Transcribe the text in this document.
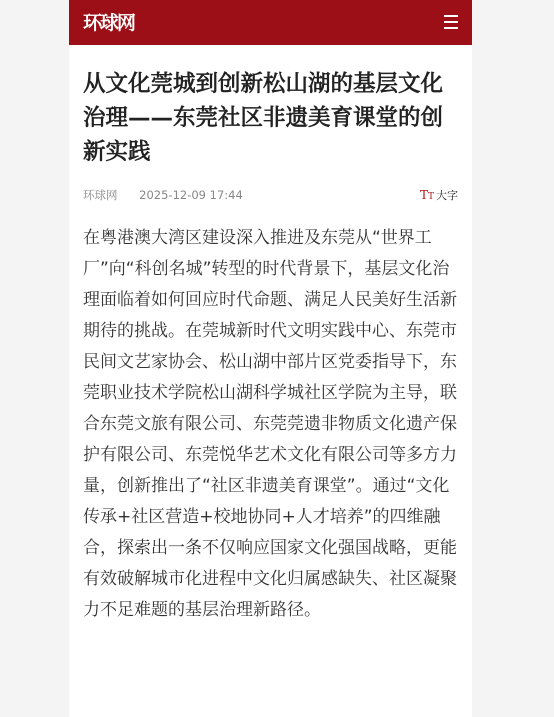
环球网
从文化莞城到创新松山湖的基层文化治理——东莞社区非遗美育课堂的创新实践
环球网 2025-12-09 17:44	TT 大字
在粤港澳大湾区建设深入推进及东莞从“世界工厂”向“科创名城”转型的时代背景下，基层文化治理面临着如何回应时代命题、满足人民美好生活新期待的挑战。在莞城新时代文明实践中心、东莞市民间文艺家协会、松山湖中部片区党委指导下，东莞职业技术学院松山湖科学城社区学院为主导，联合东莞文旅有限公司、东莞莞遗非物质文化遗产保护有限公司、东莞悦华艺术文化有限公司等多方力量，创新推出了“社区非遗美育课堂”。通过“文化传承+社区营造+校地协同+人才培养”的四维融合，探索出一条不仅响应国家文化强国战略，更能有效破解城市化进程中文化归属感缺失、社区凝聚力不足难题的基层治理新路径。
